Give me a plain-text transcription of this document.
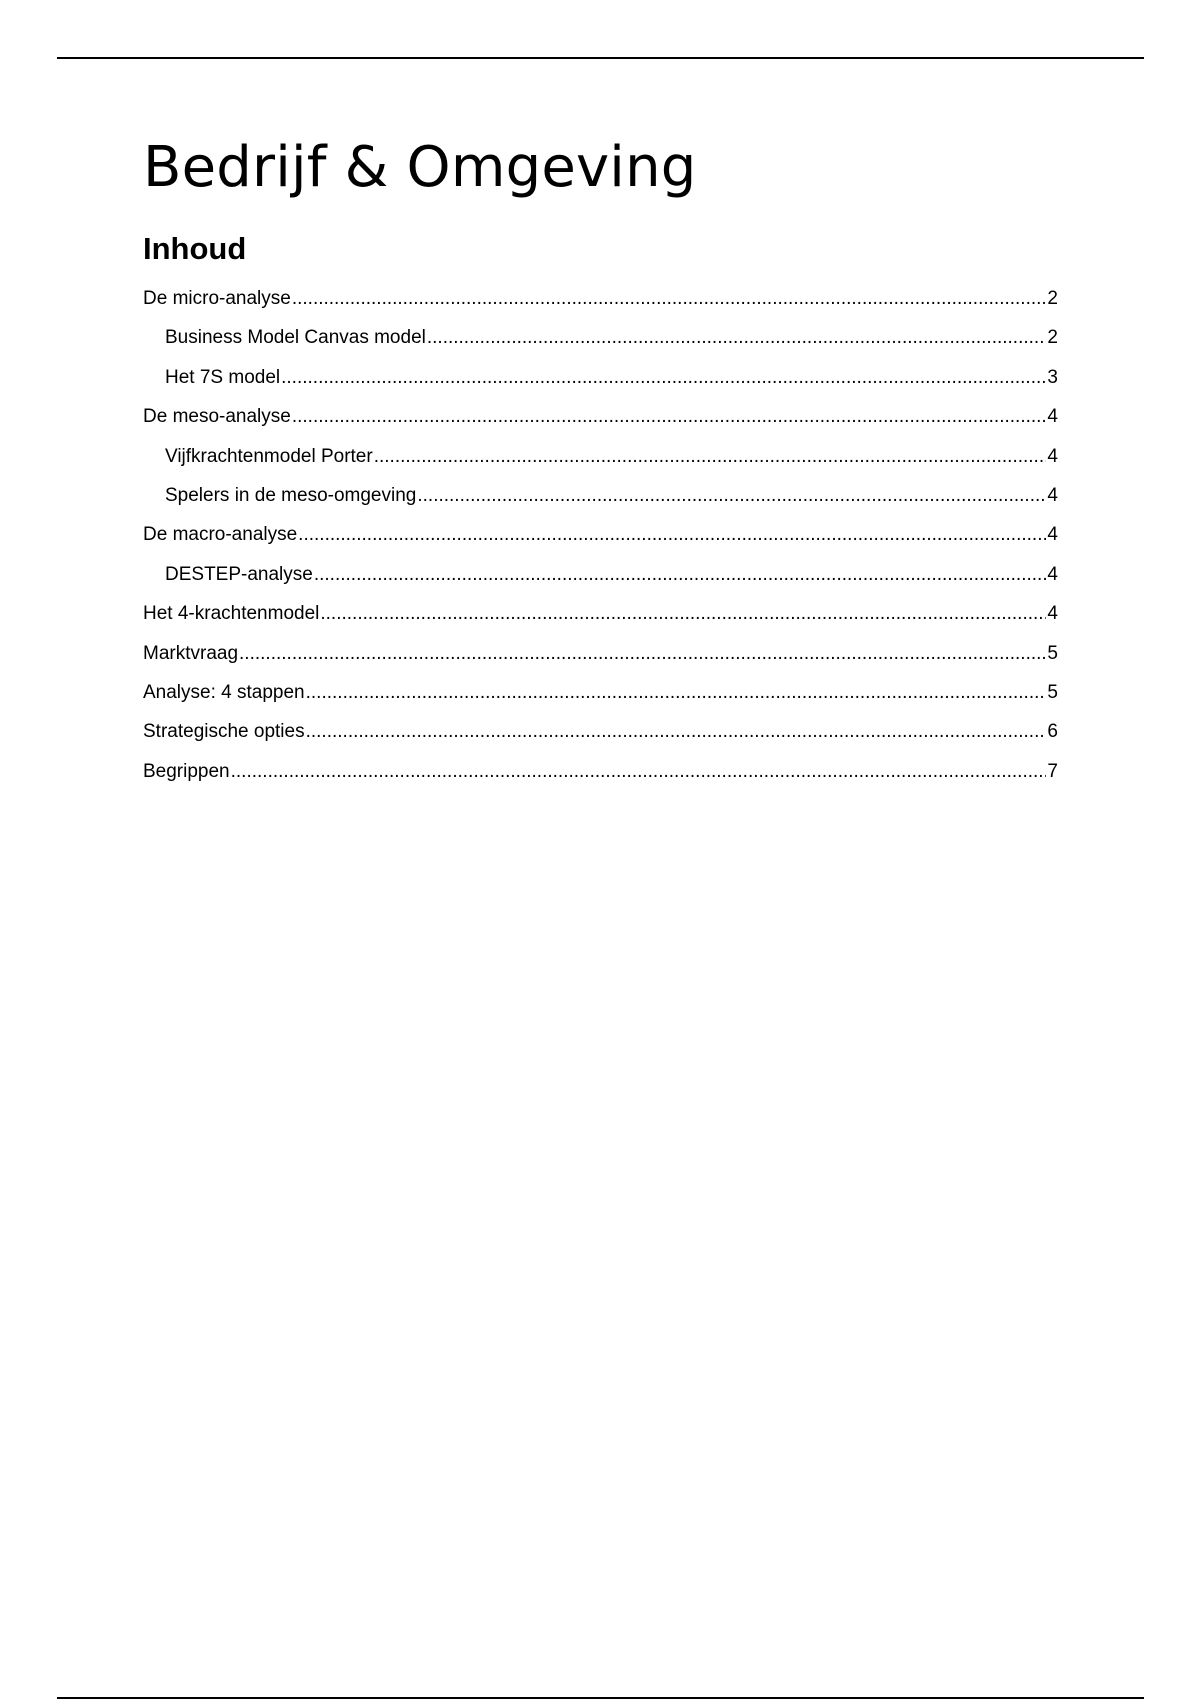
Bedrijf & Omgeving
Inhoud
De micro-analyse .....	2
Business Model Canvas model .....	2
Het 7S model .....	3
De meso-analyse .....	4
Vijfkrachtenmodel Porter .....	4
Spelers in de meso-omgeving .....	4
De macro-analyse .....	4
DESTEP-analyse .....	4
Het 4-krachtenmodel .....	4
Marktvraag .....	5
Analyse: 4 stappen .....	5
Strategische opties .....	6
Begrippen .....	7
